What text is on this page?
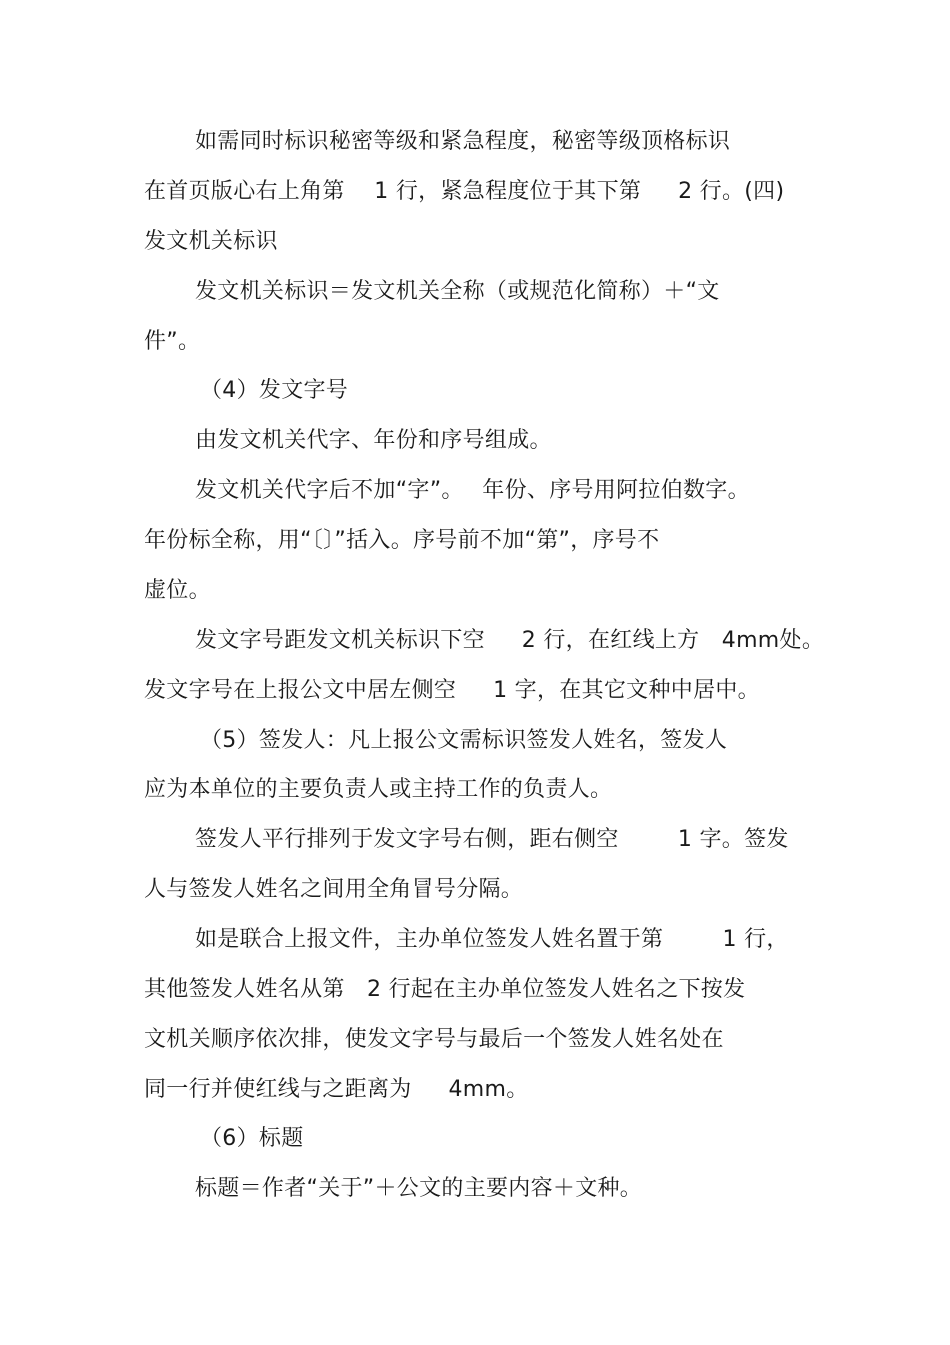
如需同时标识秘密等级和紧急程度，秘密等级顶格标识
在首页版心右上角第　 1 行，紧急程度位于其下第　  2 行。(四)
发文机关标识
发文机关标识＝发文机关全称（或规范化简称）＋“文
件”。
（4）发文字号
由发文机关代字、年份和序号组成。
发文机关代字后不加“字”。　 年份、序号用阿拉伯数字。
年份标全称，用“〔〕”括入。序号前不加“第”，序号不
虚位。
发文字号距发文机关标识下空　  2 行，在红线上方　4mm处。
发文字号在上报公文中居左侧空　  1 字，在其它文种中居中。
（5）签发人：凡上报公文需标识签发人姓名，签发人
应为本单位的主要负责人或主持工作的负责人。
签发人平行排列于发文字号右侧，距右侧空　　  1 字。签发
人与签发人姓名之间用全角冒号分隔。
如是联合上报文件，主办单位签发人姓名置于第　　  1 行，
其他签发人姓名从第　2 行起在主办单位签发人姓名之下按发
文机关顺序依次排，使发文字号与最后一个签发人姓名处在
同一行并使红线与之距离为　  4mm。
（6）标题
标题＝作者“关于”＋公文的主要内容＋文种。
